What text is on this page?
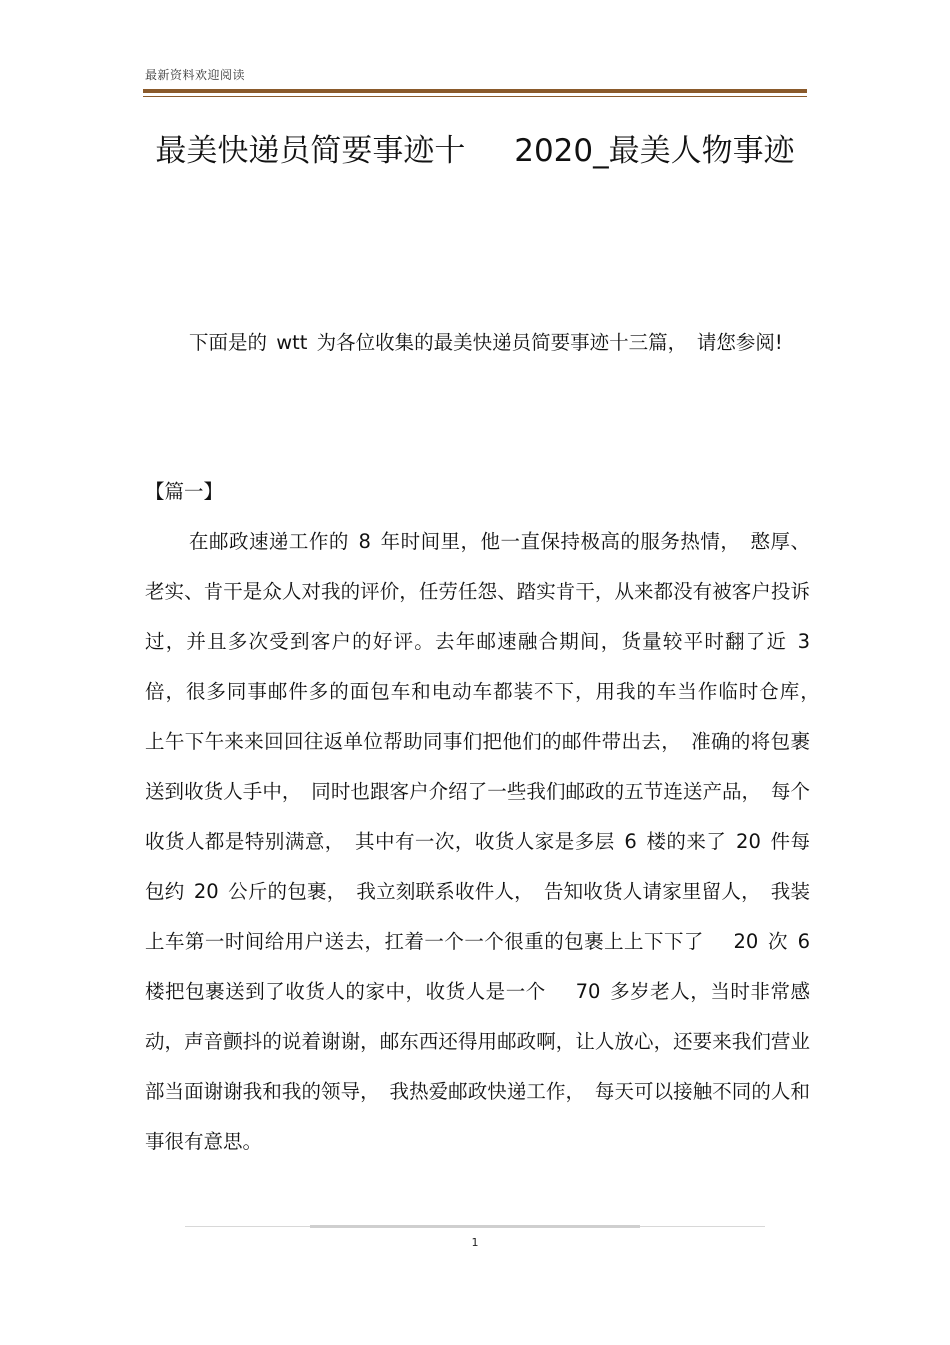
最新资料欢迎阅读
最美快递员简要事迹十　 2020_最美人物事迹

下面是的 wtt 为各位收集的最美快递员简要事迹十三篇，　请您参阅!

【篇一】

在邮政速递工作的 8 年时间里，他一直保持极高的服务热情，　憨厚、老实、肯干是众人对我的评价，任劳任怨、踏实肯干，从来都没有被客户投诉过，并且多次受到客户的好评。去年邮速融合期间，货量较平时翻了近 3 倍，很多同事邮件多的面包车和电动车都装不下，用我的车当作临时仓库，　上午下午来来回回往返单位帮助同事们把他们的邮件带出去，　准确的将包裹送到收货人手中，　同时也跟客户介绍了一些我们邮政的五节连送产品，　每个收货人都是特别满意，　其中有一次，收货人家是多层 6 楼的来了 20 件每包约 20 公斤的包裹，　我立刻联系收件人，　告知收货人请家里留人，　我装上车第一时间给用户送去，扛着一个一个很重的包裹上上下下了　 20 次 6 楼把包裹送到了收货人的家中，收货人是一个　 70 多岁老人，当时非常感动，声音颤抖的说着谢谢，邮东西还得用邮政啊，让人放心，还要来我们营业部当面谢谢我和我的领导，　我热爱邮政快递工作，　每天可以接触不同的人和事很有意思。

1
